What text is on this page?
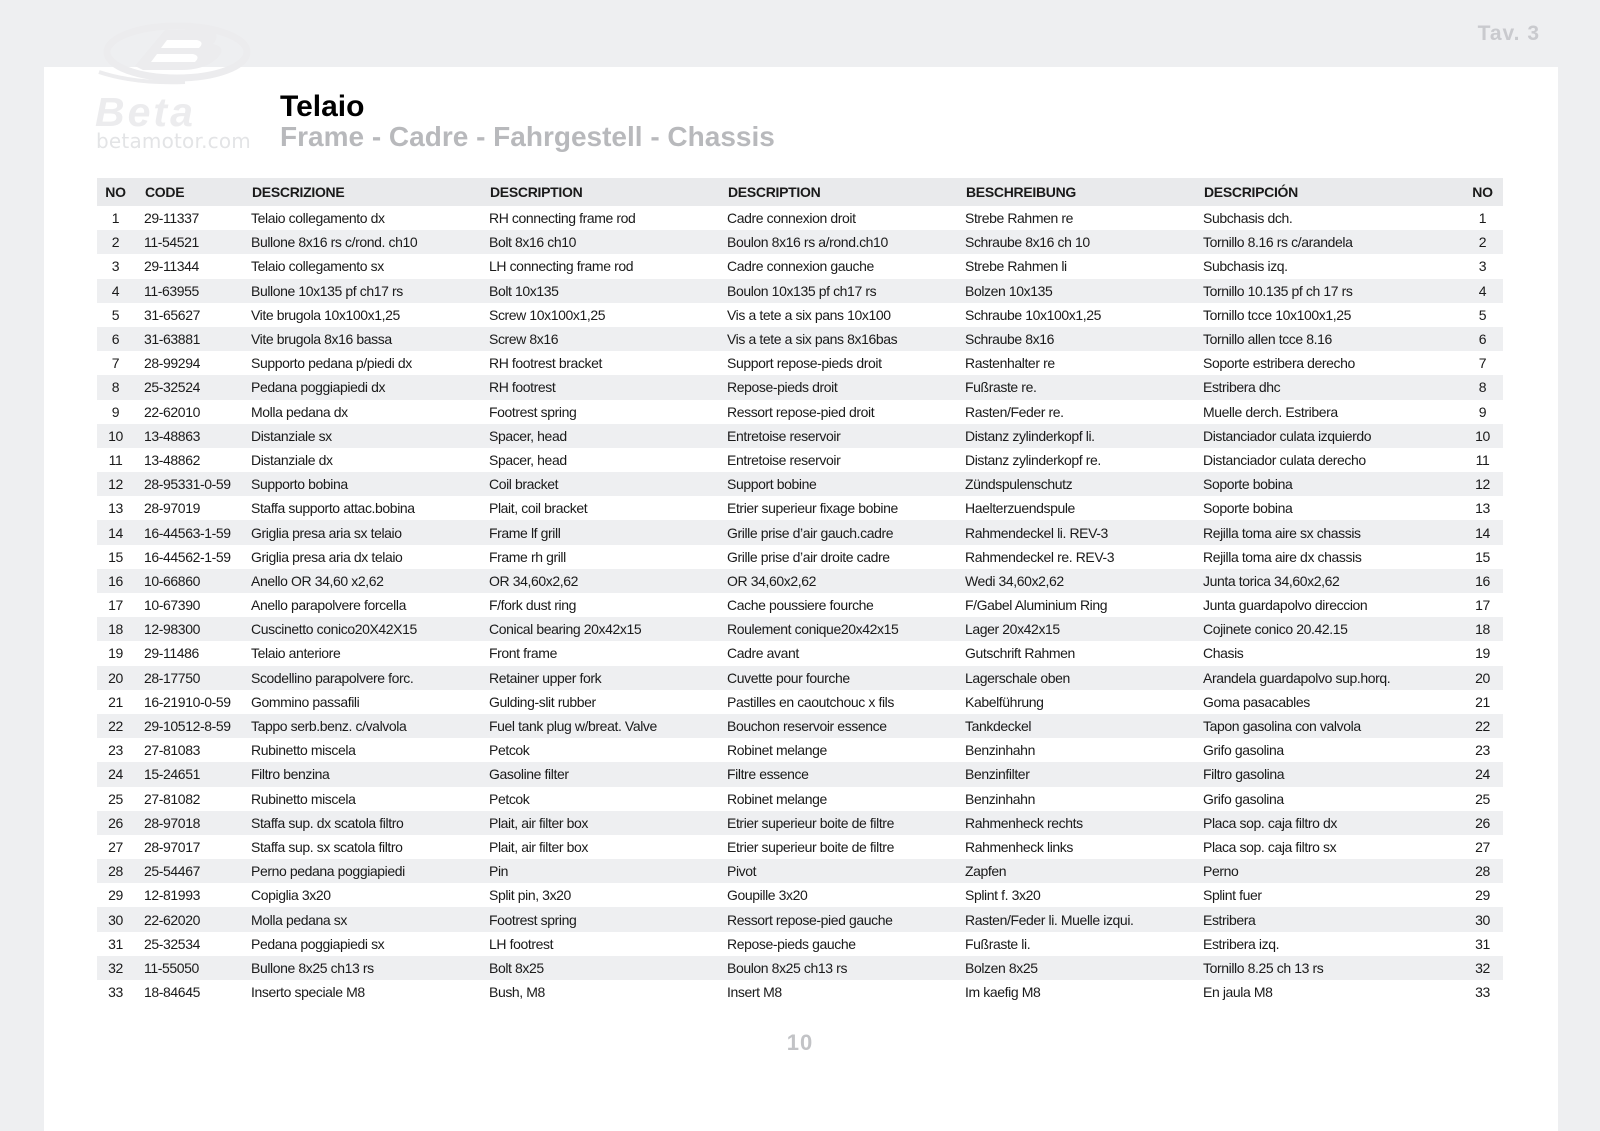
Tav. 3
Beta
betamotor.com
Telaio
Frame - Cadre - Fahrgestell - Chassis
NO	CODE	DESCRIZIONE	DESCRIPTION	DESCRIPTION	BESCHREIBUNG	DESCRIPCIÓN	NO
1	29-11337	Telaio collegamento dx	RH connecting frame rod	Cadre connexion droit	Strebe Rahmen re	Subchasis dch.	1
2	11-54521	Bullone 8x16 rs c/rond. ch10	Bolt 8x16 ch10	Boulon 8x16 rs a/rond.ch10	Schraube 8x16 ch 10	Tornillo 8.16 rs c/arandela	2
3	29-11344	Telaio collegamento sx	LH connecting frame rod	Cadre connexion gauche	Strebe Rahmen li	Subchasis izq.	3
4	11-63955	Bullone 10x135 pf ch17 rs	Bolt 10x135	Boulon 10x135 pf ch17 rs	Bolzen 10x135	Tornillo 10.135 pf ch 17 rs	4
5	31-65627	Vite brugola 10x100x1,25	Screw 10x100x1,25	Vis a tete a six pans 10x100	Schraube 10x100x1,25	Tornillo tcce 10x100x1,25	5
6	31-63881	Vite brugola 8x16 bassa	Screw 8x16	Vis a tete a six pans 8x16bas	Schraube 8x16	Tornillo allen tcce 8.16	6
7	28-99294	Supporto pedana p/piedi dx	RH footrest bracket	Support repose-pieds droit	Rastenhalter re	Soporte estribera derecho	7
8	25-32524	Pedana poggiapiedi dx	RH footrest	Repose-pieds droit	Fußraste re.	Estribera dhc	8
9	22-62010	Molla pedana dx	Footrest spring	Ressort repose-pied droit	Rasten/Feder re.	Muelle derch. Estribera	9
10	13-48863	Distanziale sx	Spacer, head	Entretoise reservoir	Distanz zylinderkopf li.	Distanciador culata izquierdo	10
11	13-48862	Distanziale dx	Spacer, head	Entretoise reservoir	Distanz zylinderkopf re.	Distanciador culata derecho	11
12	28-95331-0-59	Supporto bobina	Coil bracket	Support bobine	Zündspulenschutz	Soporte bobina	12
13	28-97019	Staffa supporto attac.bobina	Plait, coil bracket	Etrier superieur fixage bobine	Haelterzuendspule	Soporte bobina	13
14	16-44563-1-59	Griglia presa aria sx telaio	Frame lf grill	Grille prise d’air gauch.cadre	Rahmendeckel li. REV-3	Rejilla toma aire sx chassis	14
15	16-44562-1-59	Griglia presa aria dx telaio	Frame rh grill	Grille prise d’air droite cadre	Rahmendeckel re. REV-3	Rejilla toma aire dx chassis	15
16	10-66860	Anello OR 34,60 x2,62	OR 34,60x2,62	OR 34,60x2,62	Wedi 34,60x2,62	Junta torica 34,60x2,62	16
17	10-67390	Anello parapolvere forcella	F/fork dust ring	Cache poussiere fourche	F/Gabel Aluminium Ring	Junta guardapolvo direccion	17
18	12-98300	Cuscinetto conico20X42X15	Conical bearing 20x42x15	Roulement conique20x42x15	Lager 20x42x15	Cojinete conico 20.42.15	18
19	29-11486	Telaio anteriore	Front frame	Cadre avant	Gutschrift Rahmen	Chasis	19
20	28-17750	Scodellino parapolvere forc.	Retainer upper fork	Cuvette pour fourche	Lagerschale oben	Arandela guardapolvo sup.horq.	20
21	16-21910-0-59	Gommino passafili	Gulding-slit rubber	Pastilles en caoutchouc x fils	Kabelführung	Goma pasacables	21
22	29-10512-8-59	Tappo serb.benz. c/valvola	Fuel tank plug w/breat. Valve	Bouchon reservoir essence	Tankdeckel	Tapon gasolina con valvola	22
23	27-81083	Rubinetto miscela	Petcok	Robinet melange	Benzinhahn	Grifo gasolina	23
24	15-24651	Filtro benzina	Gasoline filter	Filtre essence	Benzinfilter	Filtro gasolina	24
25	27-81082	Rubinetto miscela	Petcok	Robinet melange	Benzinhahn	Grifo gasolina	25
26	28-97018	Staffa sup. dx scatola filtro	Plait, air filter box	Etrier superieur boite de filtre	Rahmenheck rechts	Placa sop. caja filtro dx	26
27	28-97017	Staffa sup. sx scatola filtro	Plait, air filter box	Etrier superieur boite de filtre	Rahmenheck links	Placa sop. caja filtro sx	27
28	25-54467	Perno pedana poggiapiedi	Pin	Pivot	Zapfen	Perno	28
29	12-81993	Copiglia 3x20	Split pin, 3x20	Goupille 3x20	Splint f. 3x20	Splint fuer	29
30	22-62020	Molla pedana sx	Footrest spring	Ressort repose-pied gauche	Rasten/Feder li. Muelle izqui.	Estribera	30
31	25-32534	Pedana poggiapiedi sx	LH footrest	Repose-pieds gauche	Fußraste li.	Estribera izq.	31
32	11-55050	Bullone 8x25 ch13 rs	Bolt 8x25	Boulon 8x25 ch13 rs	Bolzen 8x25	Tornillo 8.25 ch 13 rs	32
33	18-84645	Inserto speciale M8	Bush, M8	Insert M8	Im kaefig M8	En jaula M8	33
10
